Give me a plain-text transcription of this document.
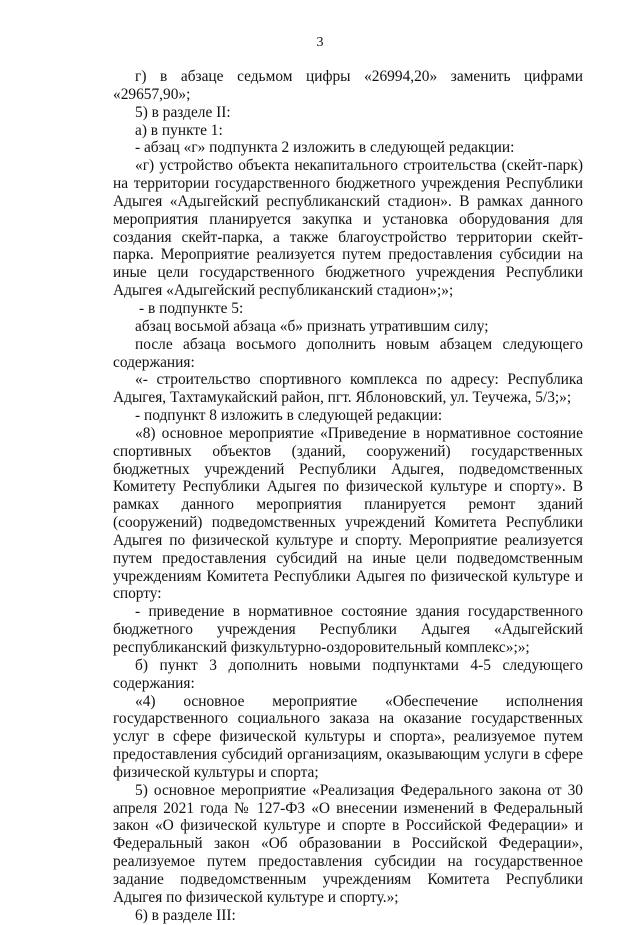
3

г) в абзаце седьмом цифры «26994,20» заменить цифрами «29657,90»;

5) в разделе II:

а) в пункте 1:

- абзац «г» подпункта 2 изложить в следующей редакции:

«г) устройство объекта некапитального строительства (скейт-парк) на территории государственного бюджетного учреждения Республики Адыгея «Адыгейский республиканский стадион». В рамках данного мероприятия планируется закупка и установка оборудования для создания скейт-парка, а также благоустройство территории скейт-парка. Мероприятие реализуется путем предоставления субсидии на иные цели государственного бюджетного учреждения Республики Адыгея «Адыгейский республиканский стадион»;»;

- в подпункте 5:

абзац восьмой абзаца «б» признать утратившим силу;

после абзаца восьмого дополнить новым абзацем следующего содержания:

«- строительство спортивного комплекса по адресу: Республика Адыгея, Тахтамукайский район, пгт. Яблоновский, ул. Теучежа, 5/3;»;

- подпункт 8 изложить в следующей редакции:

«8) основное мероприятие «Приведение в нормативное состояние спортивных объектов (зданий, сооружений) государственных бюджетных учреждений Республики Адыгея, подведомственных Комитету Республики Адыгея по физической культуре и спорту». В рамках данного мероприятия планируется ремонт зданий (сооружений) подведомственных учреждений Комитета Республики Адыгея по физической культуре и спорту. Мероприятие реализуется путем предоставления субсидий на иные цели подведомственным учреждениям Комитета Республики Адыгея по физической культуре и спорту:

- приведение в нормативное состояние здания государственного бюджетного учреждения Республики Адыгея «Адыгейский республиканский физкультурно-оздоровительный комплекс»;»;

б) пункт 3 дополнить новыми подпунктами 4-5 следующего содержания:

«4) основное мероприятие «Обеспечение исполнения государственного социального заказа на оказание государственных услуг в сфере физической культуры и спорта», реализуемое путем предоставления субсидий организациям, оказывающим услуги в сфере физической культуры и спорта;

5) основное мероприятие «Реализация Федерального закона от 30 апреля 2021 года № 127-ФЗ «О внесении изменений в Федеральный закон «О физической культуре и спорте в Российской Федерации» и Федеральный закон «Об образовании в Российской Федерации», реализуемое путем предоставления субсидии на государственное задание подведомственным учреждениям Комитета Республики Адыгея по физической культуре и спорту.»;

6) в разделе III:
